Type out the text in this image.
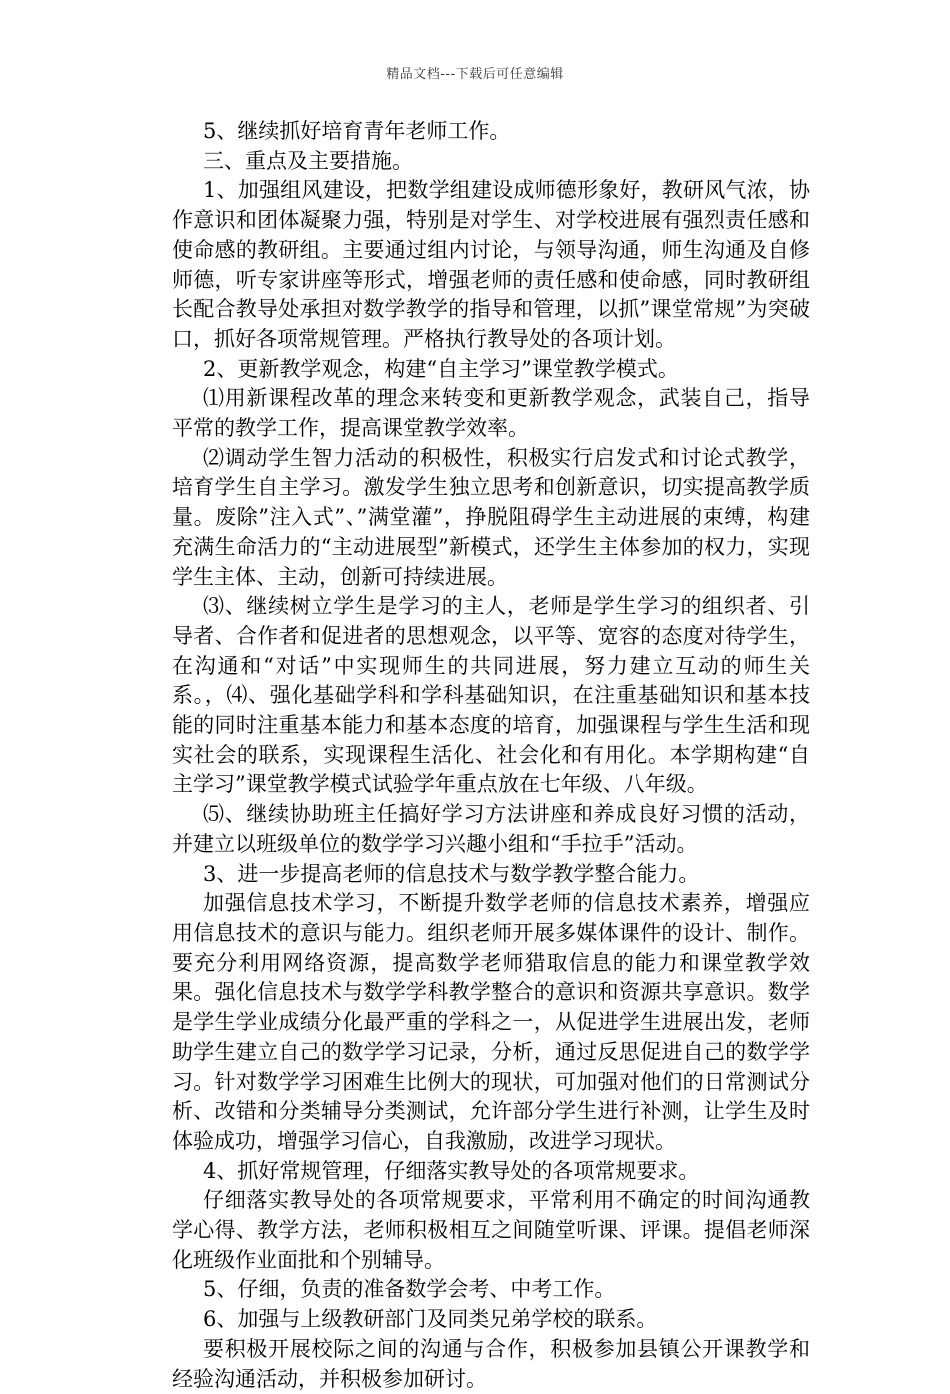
精品文档---下载后可任意编辑

5、继续抓好培育青年老师工作。

三、重点及主要措施。

1、加强组风建设，把数学组建设成师德形象好，教研风气浓，协作意识和团体凝聚力强，特别是对学生、对学校进展有强烈责任感和使命感的教研组。主要通过组内讨论，与领导沟通，师生沟通及自修师德，听专家讲座等形式，增强老师的责任感和使命感，同时教研组长配合教导处承担对数学教学的指导和管理，以抓”课堂常规”为突破口，抓好各项常规管理。严格执行教导处的各项计划。

2、更新教学观念，构建“自主学习”课堂教学模式。

⑴用新课程改革的理念来转变和更新教学观念，武装自己，指导平常的教学工作，提高课堂教学效率。

⑵调动学生智力活动的积极性，积极实行启发式和讨论式教学，培育学生自主学习。激发学生独立思考和创新意识，切实提高教学质量。废除”注入式”、”满堂灌”，挣脱阻碍学生主动进展的束缚，构建充满生命活力的“主动进展型”新模式，还学生主体参加的权力，实现学生主体、主动，创新可持续进展。

⑶、继续树立学生是学习的主人，老师是学生学习的组织者、引导者、合作者和促进者的思想观念，以平等、宽容的态度对待学生，在沟通和“对话”中实现师生的共同进展，努力建立互动的师生关系。，⑷、强化基础学科和学科基础知识，在注重基础知识和基本技能的同时注重基本能力和基本态度的培育，加强课程与学生生活和现实社会的联系，实现课程生活化、社会化和有用化。本学期构建“自主学习”课堂教学模式试验学年重点放在七年级、八年级。

⑸、继续协助班主任搞好学习方法讲座和养成良好习惯的活动，并建立以班级单位的数学学习兴趣小组和“手拉手”活动。

3、进一步提高老师的信息技术与数学教学整合能力。

加强信息技术学习，不断提升数学老师的信息技术素养，增强应用信息技术的意识与能力。组织老师开展多媒体课件的设计、制作。要充分利用网络资源，提高数学老师猎取信息的能力和课堂教学效果。强化信息技术与数学学科教学整合的意识和资源共享意识。数学是学生学业成绩分化最严重的学科之一，从促进学生进展出发，老师助学生建立自己的数学学习记录，分析，通过反思促进自己的数学学习。针对数学学习困难生比例大的现状，可加强对他们的日常测试分析、改错和分类辅导分类测试，允许部分学生进行补测，让学生及时体验成功，增强学习信心，自我激励，改进学习现状。

4、抓好常规管理，仔细落实教导处的各项常规要求。

仔细落实教导处的各项常规要求，平常利用不确定的时间沟通教学心得、教学方法，老师积极相互之间随堂听课、评课。提倡老师深化班级作业面批和个别辅导。

5、仔细，负责的准备数学会考、中考工作。

6、加强与上级教研部门及同类兄弟学校的联系。

要积极开展校际之间的沟通与合作，积极参加县镇公开课教学和经验沟通活动，并积极参加研讨。
